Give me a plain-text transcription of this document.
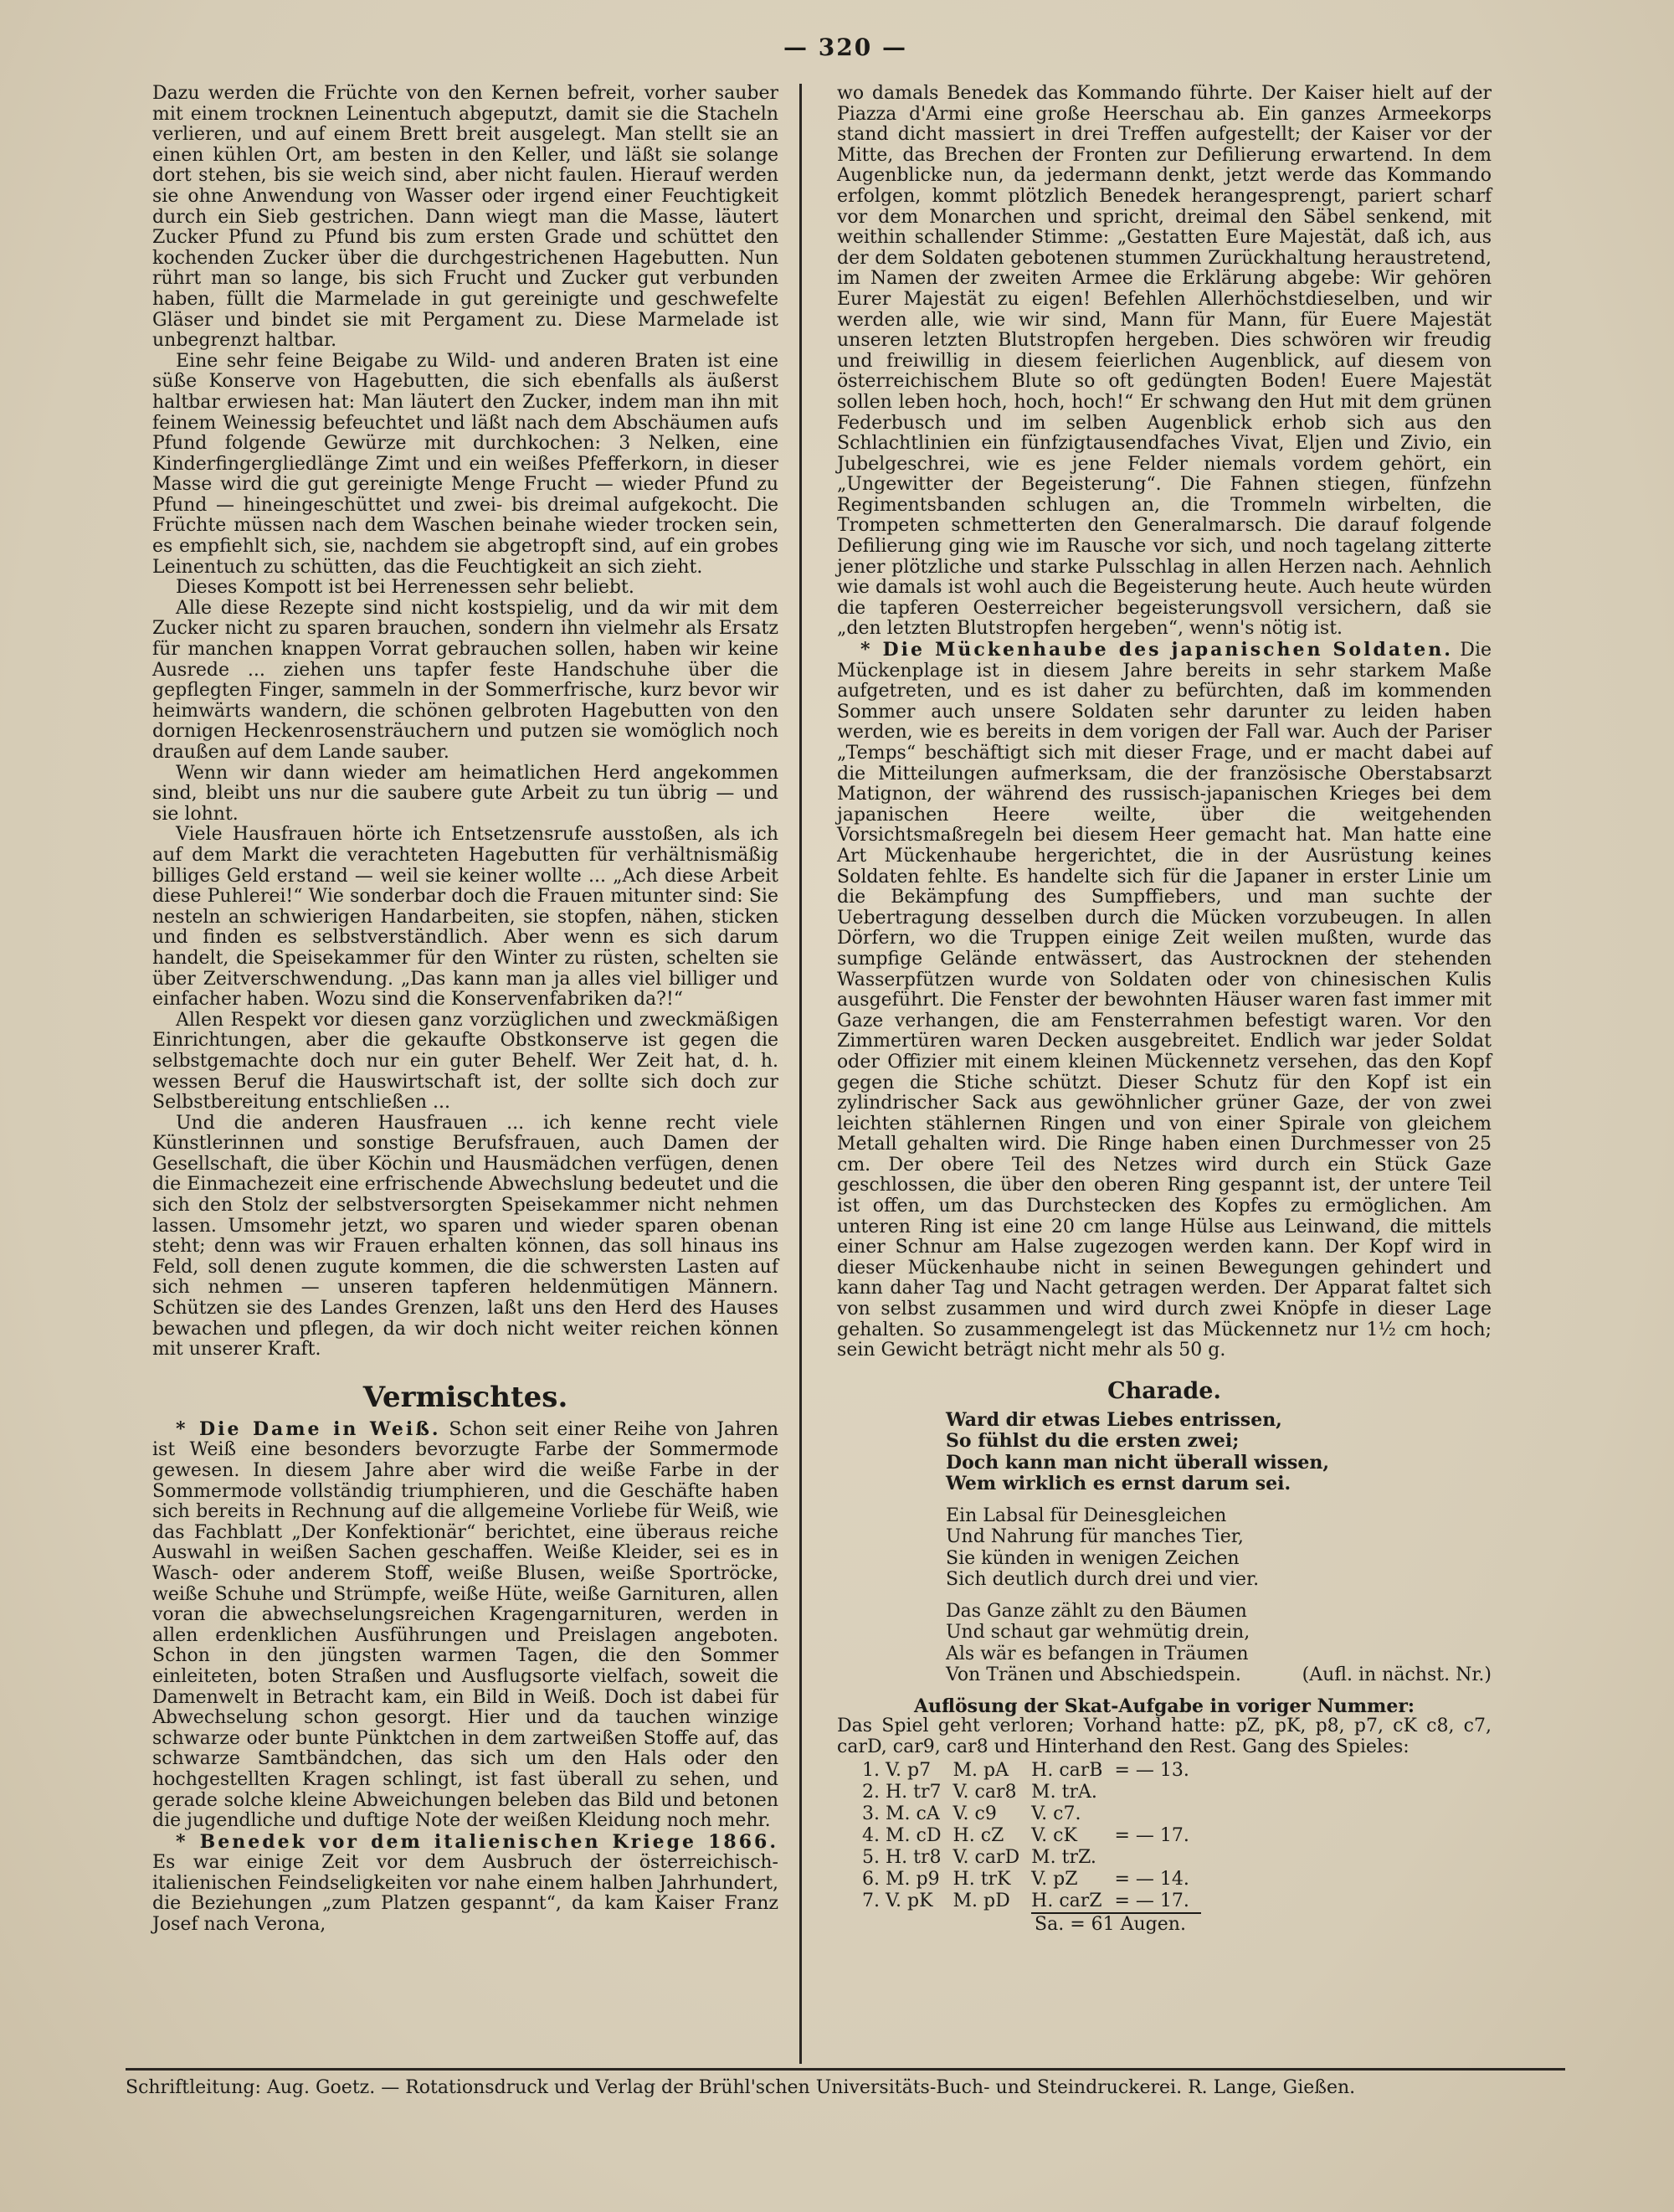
— 320 —

Dazu werden die Früchte von den Kernen befreit, vorher sauber mit einem trocknen Leinentuch abgeputzt, damit sie die Stacheln verlieren, und auf einem Brett breit ausgelegt. Man stellt sie an einen kühlen Ort, am besten in den Keller, und läßt sie solange dort stehen, bis sie weich sind, aber nicht faulen. Hierauf werden sie ohne Anwendung von Wasser oder irgend einer Feuchtigkeit durch ein Sieb gestrichen. Dann wiegt man die Masse, läutert Zucker Pfund zu Pfund bis zum ersten Grade und schüttet den kochenden Zucker über die durchgestrichenen Hagebutten. Nun rührt man so lange, bis sich Frucht und Zucker gut verbunden haben, füllt die Marmelade in gut gereinigte und geschwefelte Gläser und bindet sie mit Pergament zu. Diese Marmelade ist unbegrenzt haltbar.

Eine sehr feine Beigabe zu Wild- und anderen Braten ist eine süße Konserve von Hagebutten, die sich ebenfalls als äußerst haltbar erwiesen hat: Man läutert den Zucker, indem man ihn mit feinem Weinessig befeuchtet und läßt nach dem Abschäumen aufs Pfund folgende Gewürze mit durchkochen: 3 Nelken, eine Kinderfingergliedlänge Zimt und ein weißes Pfefferkorn, in dieser Masse wird die gut gereinigte Menge Frucht — wieder Pfund zu Pfund — hineingeschüttet und zwei- bis dreimal aufgekocht. Die Früchte müssen nach dem Waschen beinahe wieder trocken sein, es empfiehlt sich, sie, nachdem sie abgetropft sind, auf ein grobes Leinentuch zu schütten, das die Feuchtigkeit an sich zieht.

Dieses Kompott ist bei Herrenessen sehr beliebt.

Alle diese Rezepte sind nicht kostspielig, und da wir mit dem Zucker nicht zu sparen brauchen, sondern ihn vielmehr als Ersatz für manchen knappen Vorrat gebrauchen sollen, haben wir keine Ausrede ... ziehen uns tapfer feste Handschuhe über die gepflegten Finger, sammeln in der Sommerfrische, kurz bevor wir heimwärts wandern, die schönen gelbroten Hagebutten von den dornigen Heckenrosensträuchern und putzen sie womöglich noch draußen auf dem Lande sauber.

Wenn wir dann wieder am heimatlichen Herd angekommen sind, bleibt uns nur die saubere gute Arbeit zu tun übrig — und sie lohnt.

Viele Hausfrauen hörte ich Entsetzensrufe ausstoßen, als ich auf dem Markt die verachteten Hagebutten für verhältnismäßig billiges Geld erstand — weil sie keiner wollte ... „Ach diese Arbeit diese Puhlerei!“ Wie sonderbar doch die Frauen mitunter sind: Sie nesteln an schwierigen Handarbeiten, sie stopfen, nähen, sticken und finden es selbstverständlich. Aber wenn es sich darum handelt, die Speisekammer für den Winter zu rüsten, schelten sie über Zeitverschwendung. „Das kann man ja alles viel billiger und einfacher haben. Wozu sind die Konservenfabriken da?!“

Allen Respekt vor diesen ganz vorzüglichen und zweckmäßigen Einrichtungen, aber die gekaufte Obstkonserve ist gegen die selbstgemachte doch nur ein guter Behelf. Wer Zeit hat, d. h. wessen Beruf die Hauswirtschaft ist, der sollte sich doch zur Selbstbereitung entschließen ...

Und die anderen Hausfrauen ... ich kenne recht viele Künstlerinnen und sonstige Berufsfrauen, auch Damen der Gesellschaft, die über Köchin und Hausmädchen verfügen, denen die Einmachezeit eine erfrischende Abwechslung bedeutet und die sich den Stolz der selbstversorgten Speisekammer nicht nehmen lassen. Umsomehr jetzt, wo sparen und wieder sparen obenan steht; denn was wir Frauen erhalten können, das soll hinaus ins Feld, soll denen zugute kommen, die die schwersten Lasten auf sich nehmen — unseren tapferen heldenmütigen Männern. Schützen sie des Landes Grenzen, laßt uns den Herd des Hauses bewachen und pflegen, da wir doch nicht weiter reichen können mit unserer Kraft.

Vermischtes.

* Die Dame in Weiß. Schon seit einer Reihe von Jahren ist Weiß eine besonders bevorzugte Farbe der Sommermode gewesen. In diesem Jahre aber wird die weiße Farbe in der Sommermode vollständig triumphieren, und die Geschäfte haben sich bereits in Rechnung auf die allgemeine Vorliebe für Weiß, wie das Fachblatt „Der Konfektionär“ berichtet, eine überaus reiche Auswahl in weißen Sachen geschaffen. Weiße Kleider, sei es in Wasch- oder anderem Stoff, weiße Blusen, weiße Sportröcke, weiße Schuhe und Strümpfe, weiße Hüte, weiße Garnituren, allen voran die abwechselungsreichen Kragengarnituren, werden in allen erdenklichen Ausführungen und Preislagen angeboten. Schon in den jüngsten warmen Tagen, die den Sommer einleiteten, boten Straßen und Ausflugsorte vielfach, soweit die Damenwelt in Betracht kam, ein Bild in Weiß. Doch ist dabei für Abwechselung schon gesorgt. Hier und da tauchen winzige schwarze oder bunte Pünktchen in dem zartweißen Stoffe auf, das schwarze Samtbändchen, das sich um den Hals oder den hochgestellten Kragen schlingt, ist fast überall zu sehen, und gerade solche kleine Abweichungen beleben das Bild und betonen die jugendliche und duftige Note der weißen Kleidung noch mehr.

* Benedek vor dem italienischen Kriege 1866. Es war einige Zeit vor dem Ausbruch der österreichisch-italienischen Feindseligkeiten vor nahe einem halben Jahrhundert, die Beziehungen „zum Platzen gespannt“, da kam Kaiser Franz Josef nach Verona,

wo damals Benedek das Kommando führte. Der Kaiser hielt auf der Piazza d'Armi eine große Heerschau ab. Ein ganzes Armeekorps stand dicht massiert in drei Treffen aufgestellt; der Kaiser vor der Mitte, das Brechen der Fronten zur Defilierung erwartend. In dem Augenblicke nun, da jedermann denkt, jetzt werde das Kommando erfolgen, kommt plötzlich Benedek herangesprengt, pariert scharf vor dem Monarchen und spricht, dreimal den Säbel senkend, mit weithin schallender Stimme: „Gestatten Eure Majestät, daß ich, aus der dem Soldaten gebotenen stummen Zurückhaltung heraustretend, im Namen der zweiten Armee die Erklärung abgebe: Wir gehören Eurer Majestät zu eigen! Befehlen Allerhöchstdieselben, und wir werden alle, wie wir sind, Mann für Mann, für Euere Majestät unseren letzten Blutstropfen hergeben. Dies schwören wir freudig und freiwillig in diesem feierlichen Augenblick, auf diesem von österreichischem Blute so oft gedüngten Boden! Euere Majestät sollen leben hoch, hoch, hoch!“ Er schwang den Hut mit dem grünen Federbusch und im selben Augenblick erhob sich aus den Schlachtlinien ein fünfzigtausendfaches Vivat, Eljen und Zivio, ein Jubelgeschrei, wie es jene Felder niemals vordem gehört, ein „Ungewitter der Begeisterung“. Die Fahnen stiegen, fünfzehn Regimentsbanden schlugen an, die Trommeln wirbelten, die Trompeten schmetterten den Generalmarsch. Die darauf folgende Defilierung ging wie im Rausche vor sich, und noch tagelang zitterte jener plötzliche und starke Pulsschlag in allen Herzen nach. Aehnlich wie damals ist wohl auch die Begeisterung heute. Auch heute würden die tapferen Oesterreicher begeisterungsvoll versichern, daß sie „den letzten Blutstropfen hergeben“, wenn's nötig ist.

* Die Mückenhaube des japanischen Soldaten. Die Mückenplage ist in diesem Jahre bereits in sehr starkem Maße aufgetreten, und es ist daher zu befürchten, daß im kommenden Sommer auch unsere Soldaten sehr darunter zu leiden haben werden, wie es bereits in dem vorigen der Fall war. Auch der Pariser „Temps“ beschäftigt sich mit dieser Frage, und er macht dabei auf die Mitteilungen aufmerksam, die der französische Oberstabsarzt Matignon, der während des russisch-japanischen Krieges bei dem japanischen Heere weilte, über die weitgehenden Vorsichtsmaßregeln bei diesem Heer gemacht hat. Man hatte eine Art Mückenhaube hergerichtet, die in der Ausrüstung keines Soldaten fehlte. Es handelte sich für die Japaner in erster Linie um die Bekämpfung des Sumpffiebers, und man suchte der Uebertragung desselben durch die Mücken vorzubeugen. In allen Dörfern, wo die Truppen einige Zeit weilen mußten, wurde das sumpfige Gelände entwässert, das Austrocknen der stehenden Wasserpfützen wurde von Soldaten oder von chinesischen Kulis ausgeführt. Die Fenster der bewohnten Häuser waren fast immer mit Gaze verhangen, die am Fensterrahmen befestigt waren. Vor den Zimmertüren waren Decken ausgebreitet. Endlich war jeder Soldat oder Offizier mit einem kleinen Mückennetz versehen, das den Kopf gegen die Stiche schützt. Dieser Schutz für den Kopf ist ein zylindrischer Sack aus gewöhnlicher grüner Gaze, der von zwei leichten stählernen Ringen und von einer Spirale von gleichem Metall gehalten wird. Die Ringe haben einen Durchmesser von 25 cm. Der obere Teil des Netzes wird durch ein Stück Gaze geschlossen, die über den oberen Ring gespannt ist, der untere Teil ist offen, um das Durchstecken des Kopfes zu ermöglichen. Am unteren Ring ist eine 20 cm lange Hülse aus Leinwand, die mittels einer Schnur am Halse zugezogen werden kann. Der Kopf wird in dieser Mückenhaube nicht in seinen Bewegungen gehindert und kann daher Tag und Nacht getragen werden. Der Apparat faltet sich von selbst zusammen und wird durch zwei Knöpfe in dieser Lage gehalten. So zusammengelegt ist das Mückennetz nur 1½ cm hoch; sein Gewicht beträgt nicht mehr als 50 g.

Charade.
Ward dir etwas Liebes entrissen,
So fühlst du die ersten zwei;
Doch kann man nicht überall wissen,
Wem wirklich es ernst darum sei.
Ein Labsal für Deinesgleichen
Und Nahrung für manches Tier,
Sie künden in wenigen Zeichen
Sich deutlich durch drei und vier.
Das Ganze zählt zu den Bäumen
Und schaut gar wehmütig drein,
Als wär es befangen in Träumen
Von Tränen und Abschiedspein.	(Aufl. in nächst. Nr.)
Auflösung der Skat-Aufgabe in voriger Nummer:

Das Spiel geht verloren; Vorhand hatte: pZ, pK, p8, p7, cK c8, c7, carD, car9, car8 und Hinterhand den Rest. Gang des Spieles:

1. V. p7	M. pA	H. carB	= — 13.
2. H. tr7	V. car8	M. trA.	
3. M. cA	V. c9	V. c7.	
4. M. cD	H. cZ	V. cK	= — 17.
5. H. tr8	V. carD	M. trZ.	
6. M. p9	H. trK	V. pZ	= — 14.
7. V. pK	M. pD	H. carZ	= — 17.
		Sa. = 61 Augen.	
Schriftleitung: Aug. Goetz. — Rotationsdruck und Verlag der Brühl'schen Universitäts-Buch- und Steindruckerei. R. Lange, Gießen.
